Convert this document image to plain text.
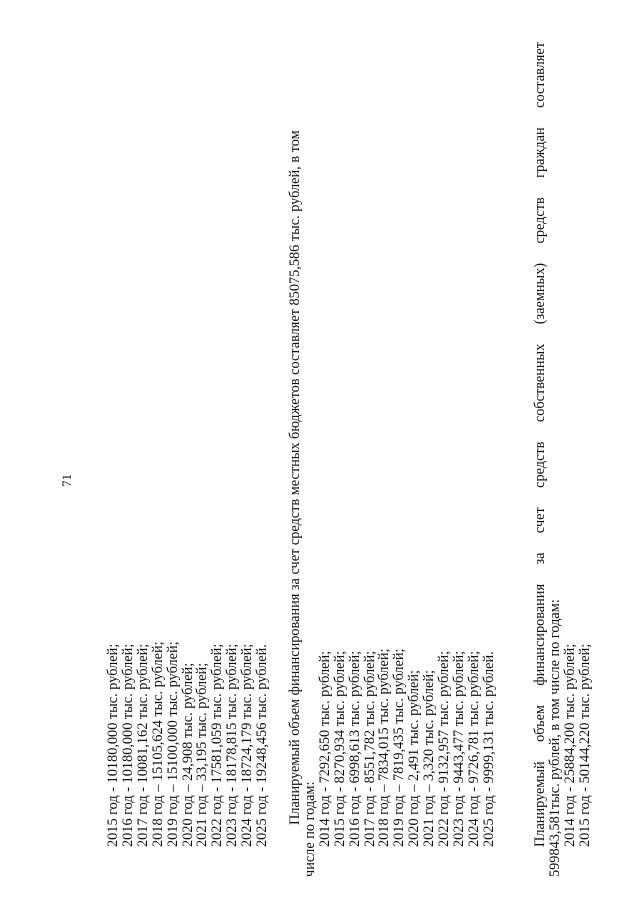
71
2015 год - 10180,000 тыс. рублей;
2016 год - 10180,000 тыс. рублей;
2017 год - 10081,162 тыс. рублей;
2018 год – 15105,624 тыс. рублей;
2019 год – 15100,000 тыс. рублей;
2020 год – 24,908 тыс. рублей;
2021 год – 33,195 тыс. рублей;
2022 год - 17581,059 тыс. рублей;
2023 год - 18178,815 тыс. рублей;
2024 год - 18724,179 тыс. рублей;
2025 год - 19248,456 тыс. рублей. Планируемый объем финансирования за счет средств местных бюджетов составляет 85075,586 тыс. рублей, в том
числе по годам:
2014 год - 7292,650 тыс. рублей;
2015 год - 8270,934 тыс. рублей;
2016 год - 6998,613 тыс. рублей;
2017 год - 8551,782 тыс. рублей;
2018 год – 7834,015 тыс. рублей;
2019 год – 7819,435 тыс. рублей;
2020 год – 2,491 тыс. рублей;
2021 год – 3,320 тыс. рублей;
2022 год - 9132,957 тыс. рублей;
2023 год - 9443,477 тыс. рублей;
2024 год - 9726,781 тыс. рублей;
2025 год - 9999,131 тыс. рублей. Планируемый
объем
финансирования
за
счет
средств
собственных
(заемных)
средств
граждан
составляет
599843,581тыс. рублей, в том числе по годам:
2014 год - 25884,200 тыс. рублей;
2015 год - 50144,220 тыс. рублей;
